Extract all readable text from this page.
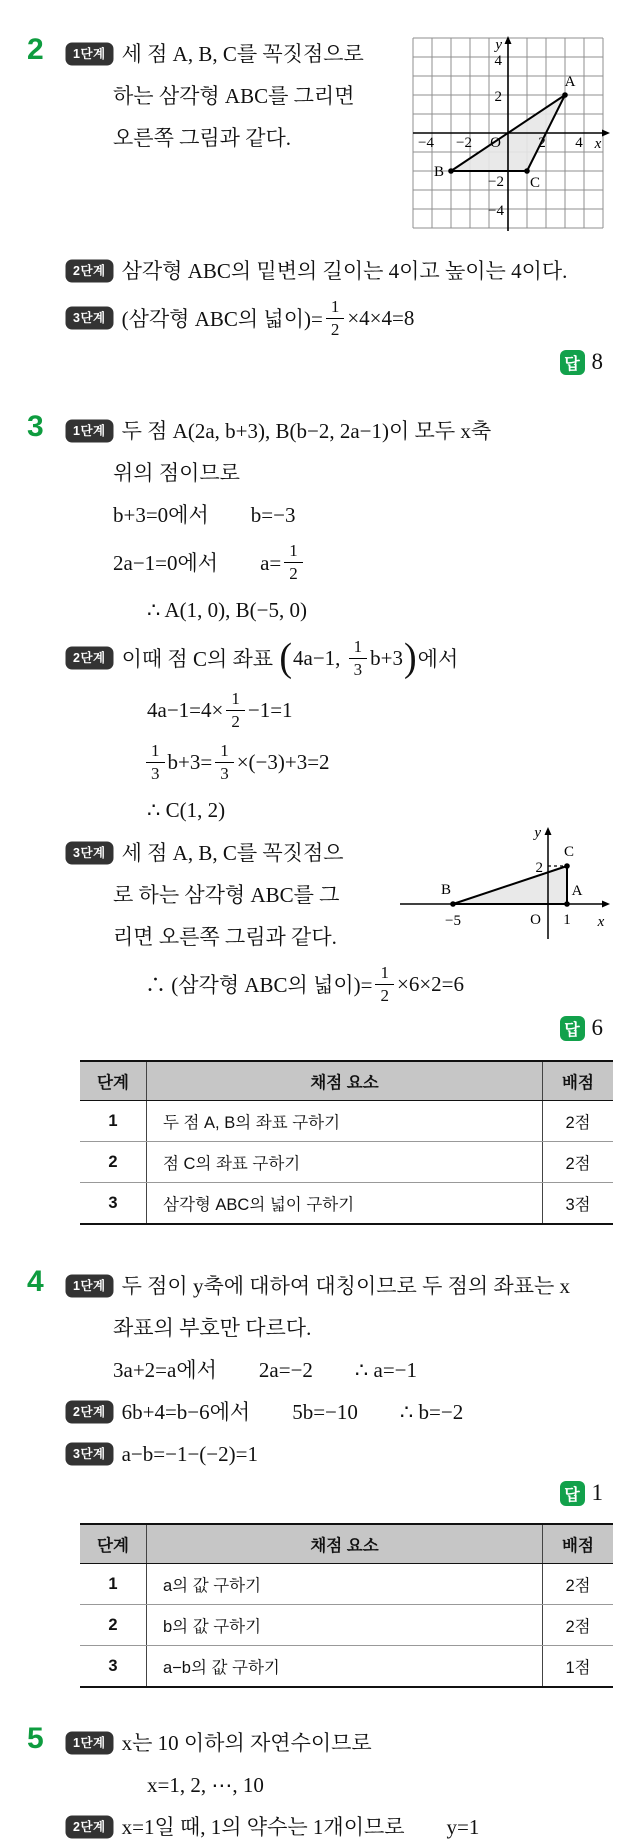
2	1단계 세 점 A, B, C를 꼭짓점으로
하는 삼각형 ABC를 그리면
오른쪽 그림과 같다.
y
4
2
−2
−4
−4 −2 O 2 4 x
A
B
C
2단계 삼각형 ABC의 밑변의 길이는 4이고 높이는 4이다.
3단계 (삼각형 ABC의 넓이)= $\frac{1}{2} \times 4\times 4=8$
답 8
3	1단계 두 점 A(2a, b+3), B(b−2, 2a−1)이 모두 x축
위의 점이므로
b+3=0에서  b=−3
2a−1=0에서  $a= \frac{1}{2}$
∴ A(1, 0), B(−5, 0)
2단계 이때 점 C의 좌표 ( 4a−1, $\frac{1}{3} b+3$ ) 에서
$4a-1=4\times \frac{1}{2} -1=1$
$\frac{1}{3} b+3= \frac{1}{3} \times(-3)+3=2$
∴ C(1, 2)
3단계 세 점 A, B, C를 꼭짓점으
로 하는 삼각형 ABC를 그
리면 오른쪽 그림과 같다.
y
C
2
B
−5	O
A
1 x
∴ (삼각형 ABC의 넓이)= $\frac{1}{2} \times 6\times 2=6$
답 6
단계	채점 요소	배점
1	두 점 A, B의 좌표 구하기	2점
2	점 C의 좌표 구하기	2점
3	삼각형 ABC의 넓이 구하기	3점
4	1단계 두 점이 y축에 대하여 대칭이므로 두 점의 좌표는 x
좌표의 부호만 다르다.
3a+2=a에서  2a=−2  ∴ a=−1
2단계 6b+4=b−6에서  5b=−10  ∴ b=−2
3단계 a−b=−1−(−2)=1
답 1
단계	채점 요소	배점
1	a의 값 구하기	2점
2	b의 값 구하기	2점
3	a−b의 값 구하기	1점
5	1단계 x는 10 이하의 자연수이므로
x=1, 2, ⋯, 10
2단계 x=1일 때, 1의 약수는 1개이므로  y=1
